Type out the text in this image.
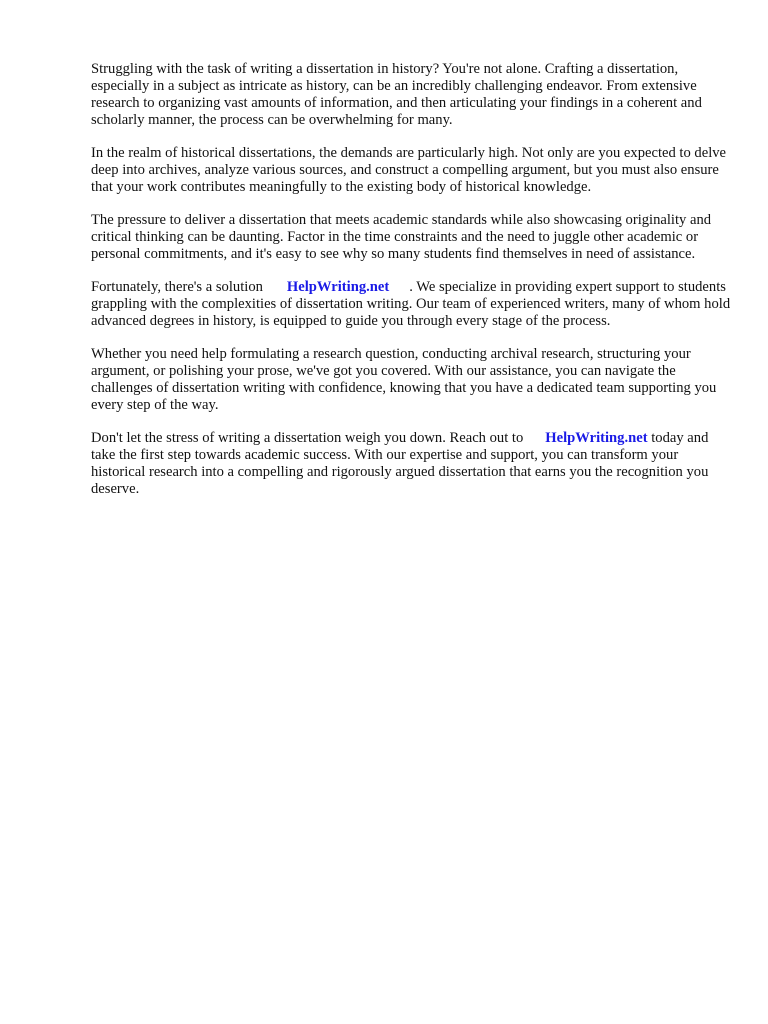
Struggling with the task of writing a dissertation in history? You're not alone. Crafting a dissertation, especially in a subject as intricate as history, can be an incredibly challenging endeavor. From extensive research to organizing vast amounts of information, and then articulating your findings in a coherent and scholarly manner, the process can be overwhelming for many.

In the realm of historical dissertations, the demands are particularly high. Not only are you expected to delve deep into archives, analyze various sources, and construct a compelling argument, but you must also ensure that your work contributes meaningfully to the existing body of historical knowledge.

The pressure to deliver a dissertation that meets academic standards while also showcasing originality and critical thinking can be daunting. Factor in the time constraints and the need to juggle other academic or personal commitments, and it's easy to see why so many students find themselves in need of assistance.

Fortunately, there's a solution HelpWriting.net . We specialize in providing expert support to students grappling with the complexities of dissertation writing. Our team of experienced writers, many of whom hold advanced degrees in history, is equipped to guide you through every stage of the process.

Whether you need help formulating a research question, conducting archival research, structuring your argument, or polishing your prose, we've got you covered. With our assistance, you can navigate the challenges of dissertation writing with confidence, knowing that you have a dedicated team supporting you every step of the way.

Don't let the stress of writing a dissertation weigh you down. Reach out to HelpWriting.net today and take the first step towards academic success. With our expertise and support, you can transform your historical research into a compelling and rigorously argued dissertation that earns you the recognition you deserve.
